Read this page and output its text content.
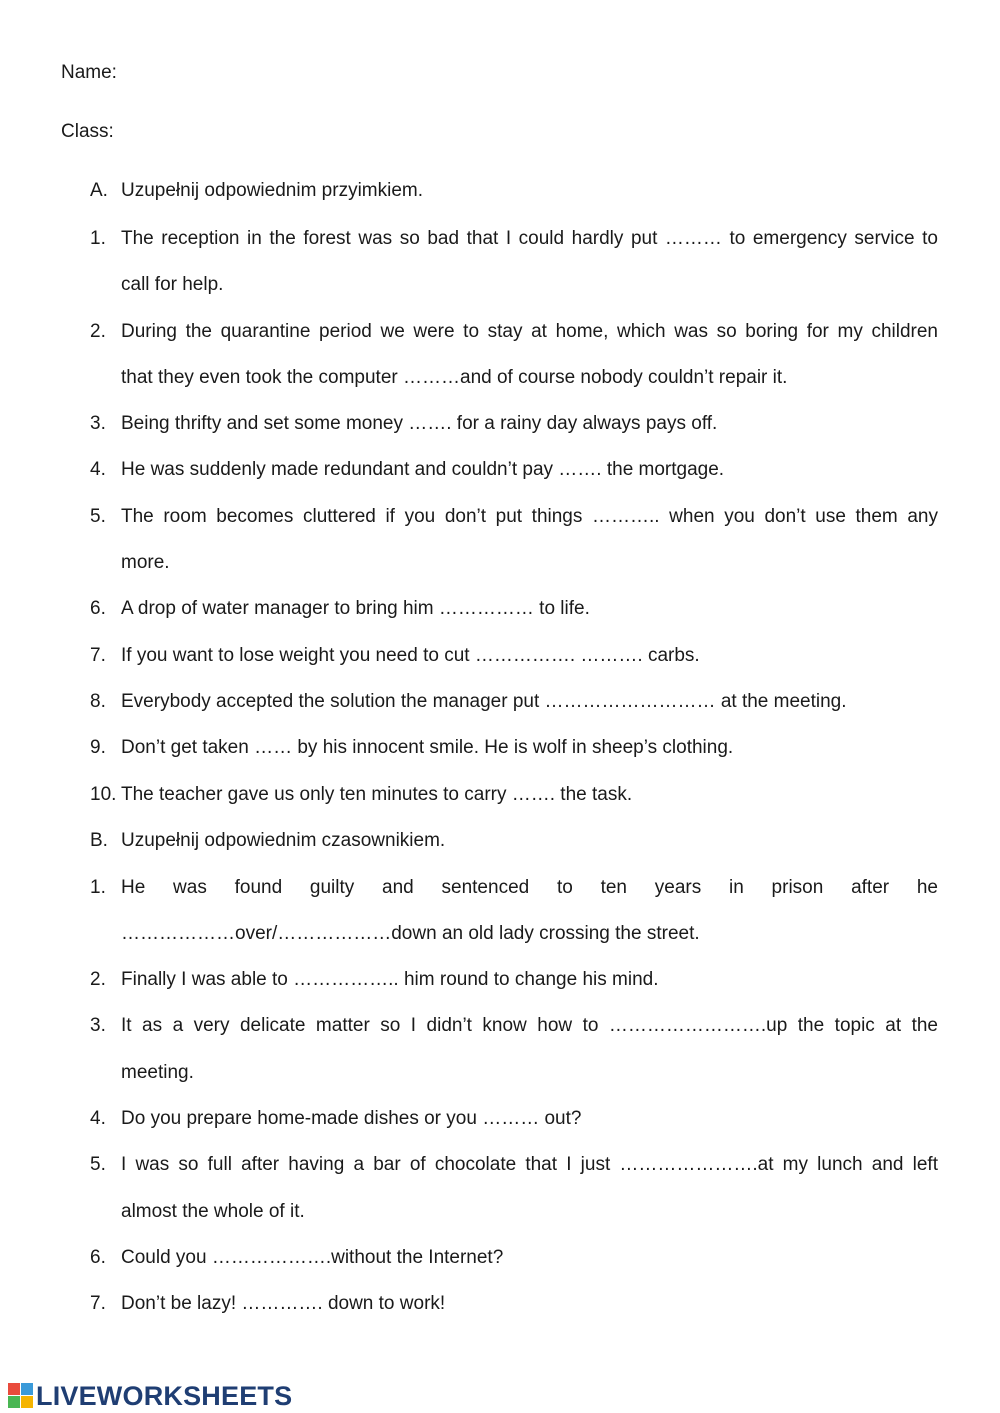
Name:
Class:
A. Uzupełnij odpowiednim przyimkiem.
1. The reception in the forest was so bad that I could hardly put ……… to emergency service to
call for help.
2. During the quarantine period we were to stay at home, which was so boring for my children
that they even took the computer ………and of course nobody couldn’t repair it.
3. Being thrifty and set some money ……. for a rainy day always pays off.
4. He was suddenly made redundant and couldn’t pay ……. the mortgage.
5. The room becomes cluttered if you don’t put things ……….. when you don’t use them any
more.
6. A drop of water manager to bring him …………… to life.
7. If you want to lose weight you need to cut ……………. ………. carbs.
8. Everybody accepted the solution the manager put ……………………… at the meeting.
9. Don’t get taken …… by his innocent smile. He is wolf in sheep’s clothing.
10. The teacher gave us only ten minutes to carry ……. the task.
B. Uzupełnij odpowiednim czasownikiem.
1. He was found guilty and sentenced to ten years in prison after he
………………over/………………down an old lady crossing the street.
2. Finally I was able to …………….. him round to change his mind.
3. It as a very delicate matter so I didn’t know how to …………………….up the topic at the
meeting.
4. Do you prepare home-made dishes or you ……… out?
5. I was so full after having a bar of chocolate that I just ………………….at my lunch and left
almost the whole of it.
6. Could you ……………….without the Internet?
7. Don’t be lazy! …………. down to work!
LIVEWORKSHEETS
